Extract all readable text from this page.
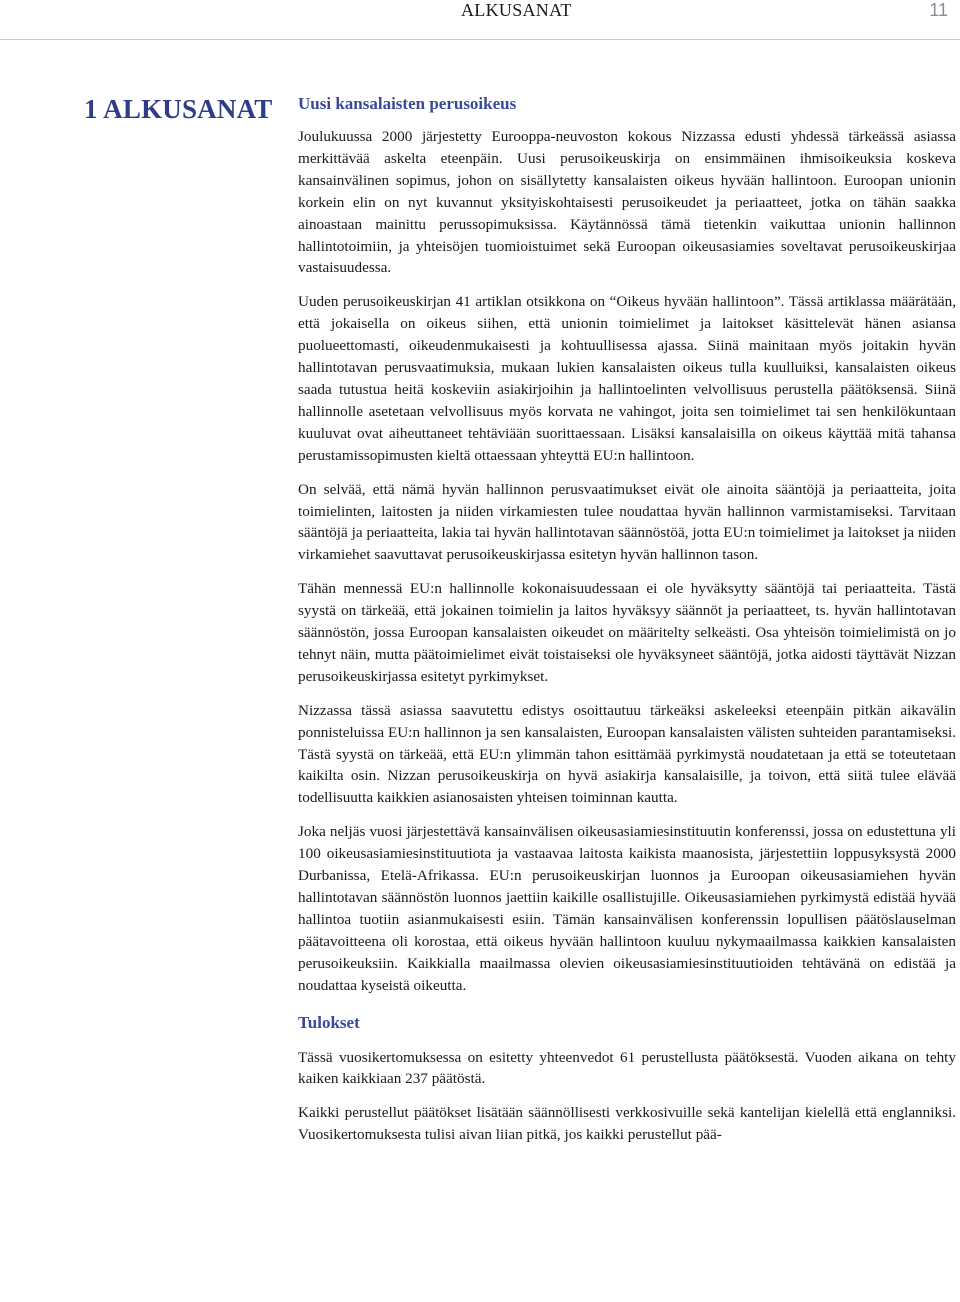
ALKUSANAT	11
1 ALKUSANAT Uusi kansalaisten perusoikeus

Joulukuussa 2000 järjestetty Eurooppa-neuvoston kokous Nizzassa edusti yhdessä tärkeässä asiassa merkittävää askelta eteenpäin. Uusi perusoikeuskirja on ensimmäinen ihmisoikeuksia koskeva kansainvälinen sopimus, johon on sisällytetty kansalaisten oikeus hyvään hallintoon. Euroopan unionin korkein elin on nyt kuvannut yksityiskohtaisesti perusoikeudet ja periaatteet, jotka on tähän saakka ainoastaan mainittu perussopimuksissa. Käytännössä tämä tietenkin vaikuttaa unionin hallinnon hallintotoimiin, ja yhteisöjen tuomioistuimet sekä Euroopan oikeusasiamies soveltavat perusoikeuskirjaa vastaisuudessa.

Uuden perusoikeuskirjan 41 artiklan otsikkona on “Oikeus hyvään hallintoon”. Tässä artiklassa määrätään, että jokaisella on oikeus siihen, että unionin toimielimet ja laitokset käsittelevät hänen asiansa puolueettomasti, oikeudenmukaisesti ja kohtuullisessa ajassa. Siinä mainitaan myös joitakin hyvän hallintotavan perusvaatimuksia, mukaan lukien kansalaisten oikeus tulla kuulluiksi, kansalaisten oikeus saada tutustua heitä koskeviin asiakirjoihin ja hallintoelinten velvollisuus perustella päätöksensä. Siinä hallinnolle asetetaan velvollisuus myös korvata ne vahingot, joita sen toimielimet tai sen henkilökuntaan kuuluvat ovat aiheuttaneet tehtäviään suorittaessaan. Lisäksi kansalaisilla on oikeus käyttää mitä tahansa perustamissopimusten kieltä ottaessaan yhteyttä EU:n hallintoon.

On selvää, että nämä hyvän hallinnon perusvaatimukset eivät ole ainoita sääntöjä ja periaatteita, joita toimielinten, laitosten ja niiden virkamiesten tulee noudattaa hyvän hallinnon varmistamiseksi. Tarvitaan sääntöjä ja periaatteita, lakia tai hyvän hallintotavan säännöstöä, jotta EU:n toimielimet ja laitokset ja niiden virkamiehet saavuttavat perusoikeuskirjassa esitetyn hyvän hallinnon tason.

Tähän mennessä EU:n hallinnolle kokonaisuudessaan ei ole hyväksytty sääntöjä tai periaatteita. Tästä syystä on tärkeää, että jokainen toimielin ja laitos hyväksyy säännöt ja periaatteet, ts. hyvän hallintotavan säännöstön, jossa Euroopan kansalaisten oikeudet on määritelty selkeästi. Osa yhteisön toimielimistä on jo tehnyt näin, mutta päätoimielimet eivät toistaiseksi ole hyväksyneet sääntöjä, jotka aidosti täyttävät Nizzan perusoikeuskirjassa esitetyt pyrkimykset.

Nizzassa tässä asiassa saavutettu edistys osoittautuu tärkeäksi askeleeksi eteenpäin pitkän aikavälin ponnisteluissa EU:n hallinnon ja sen kansalaisten, Euroopan kansalaisten välisten suhteiden parantamiseksi. Tästä syystä on tärkeää, että EU:n ylimmän tahon esittämää pyrkimystä noudatetaan ja että se toteutetaan kaikilta osin. Nizzan perusoikeuskirja on hyvä asiakirja kansalaisille, ja toivon, että siitä tulee elävää todellisuutta kaikkien asianosaisten yhteisen toiminnan kautta.

Joka neljäs vuosi järjestettävä kansainvälisen oikeusasiamiesinstituutin konferenssi, jossa on edustettuna yli 100 oikeusasiamiesinstituutiota ja vastaavaa laitosta kaikista maanosista, järjestettiin loppusyksystä 2000 Durbanissa, Etelä-Afrikassa. EU:n perusoikeuskirjan luonnos ja Euroopan oikeusasiamiehen hyvän hallintotavan säännöstön luonnos jaettiin kaikille osallistujille. Oikeusasiamiehen pyrkimystä edistää hyvää hallintoa tuotiin asianmukaisesti esiin. Tämän kansainvälisen konferenssin lopullisen päätöslauselman päätavoitteena oli korostaa, että oikeus hyvään hallintoon kuuluu nykymaailmassa kaikkien kansalaisten perusoikeuksiin. Kaikkialla maailmassa olevien oikeusasiamiesinstituutioiden tehtävänä on edistää ja noudattaa kyseistä oikeutta.

Tulokset

Tässä vuosikertomuksessa on esitetty yhteenvedot 61 perustellusta päätöksestä. Vuoden aikana on tehty kaiken kaikkiaan 237 päätöstä.

Kaikki perustellut päätökset lisätään säännöllisesti verkkosivuille sekä kantelijan kielellä että englanniksi. Vuosikertomuksesta tulisi aivan liian pitkä, jos kaikki perustellut pää-
